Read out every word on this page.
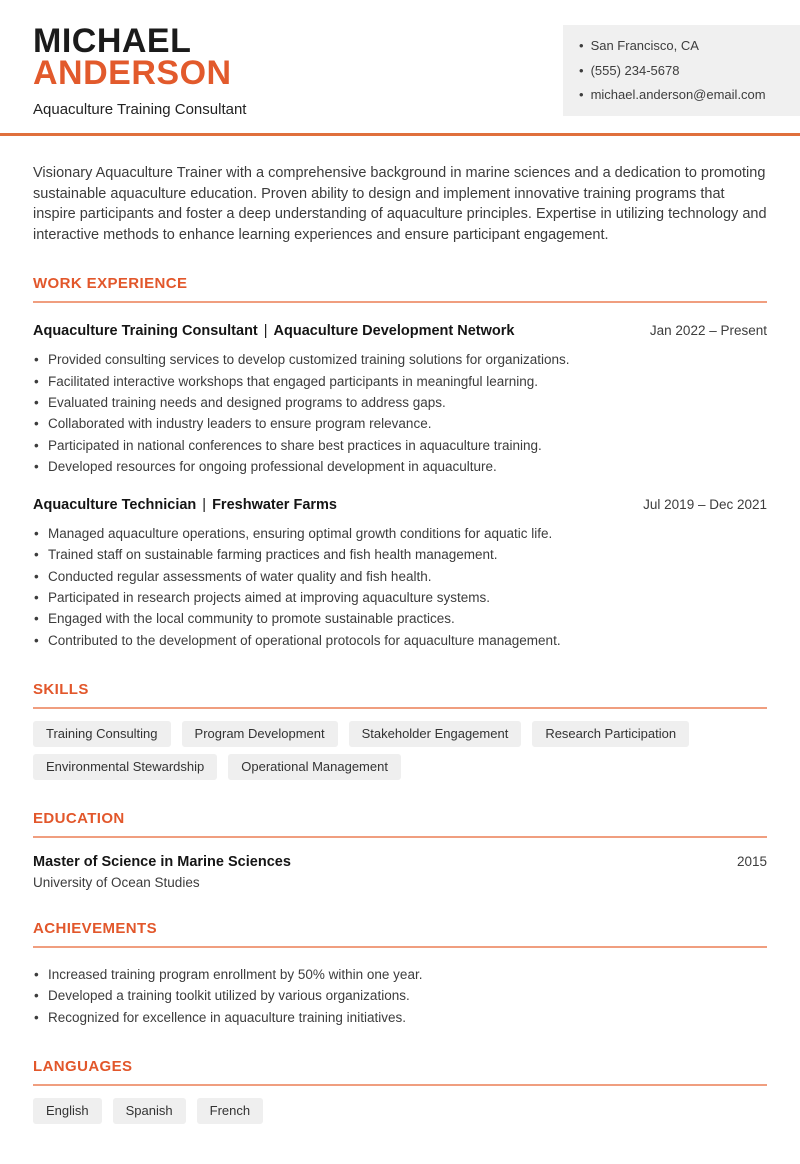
MICHAEL
ANDERSON
Aquaculture Training Consultant
• San Francisco, CA
• (555) 234-5678
• michael.anderson@email.com

Visionary Aquaculture Trainer with a comprehensive background in marine sciences and a dedication to promoting sustainable aquaculture education. Proven ability to design and implement innovative training programs that inspire participants and foster a deep understanding of aquaculture principles. Expertise in utilizing technology and interactive methods to enhance learning experiences and ensure participant engagement.

WORK EXPERIENCE
Aquaculture Training Consultant | Aquaculture Development Network	Jan 2022 – Present
• Provided consulting services to develop customized training solutions for organizations.
• Facilitated interactive workshops that engaged participants in meaningful learning.
• Evaluated training needs and designed programs to address gaps.
• Collaborated with industry leaders to ensure program relevance.
• Participated in national conferences to share best practices in aquaculture training.
• Developed resources for ongoing professional development in aquaculture.
Aquaculture Technician | Freshwater Farms	Jul 2019 – Dec 2021
• Managed aquaculture operations, ensuring optimal growth conditions for aquatic life.
• Trained staff on sustainable farming practices and fish health management.
• Conducted regular assessments of water quality and fish health.
• Participated in research projects aimed at improving aquaculture systems.
• Engaged with the local community to promote sustainable practices.
• Contributed to the development of operational protocols for aquaculture management.
SKILLS
Training Consulting	Program Development	Stakeholder Engagement	Research Participation
Environmental Stewardship	Operational Management
EDUCATION
Master of Science in Marine Sciences	2015
University of Ocean Studies
ACHIEVEMENTS
• Increased training program enrollment by 50% within one year.
• Developed a training toolkit utilized by various organizations.
• Recognized for excellence in aquaculture training initiatives.
LANGUAGES
English	Spanish	French
